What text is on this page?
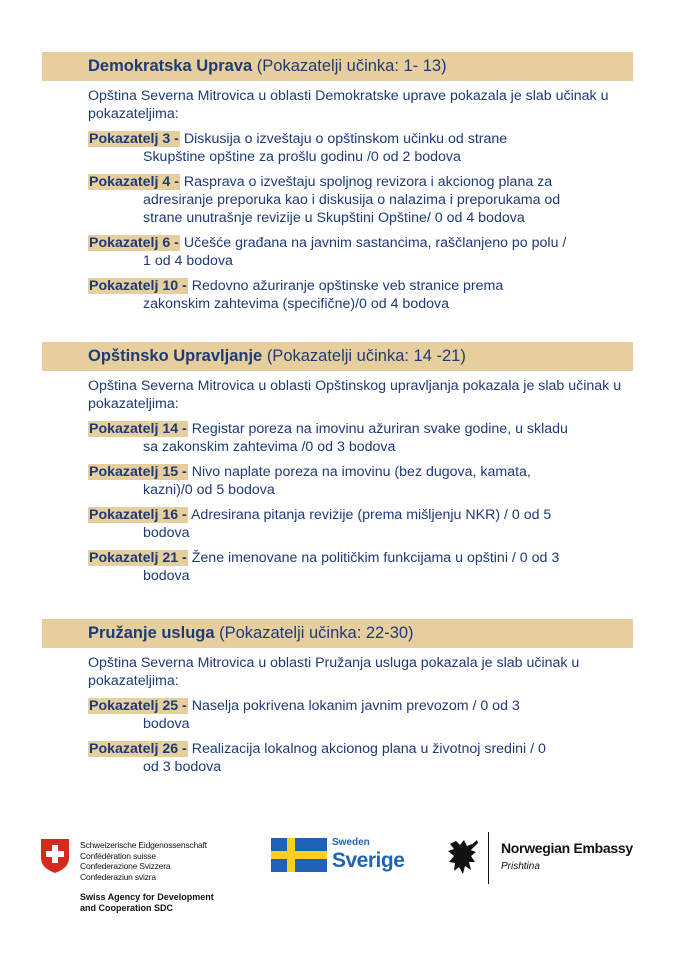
Demokratska Uprava (Pokazatelji učinka: 1- 13)
Opština Severna Mitrovica u oblasti Demokratske uprave pokazala je slab učinak u pokazateljima:
Pokazatelj 3 - Diskusija o izveštaju o opštinskom učinku od strane
Skupštine opštine za prošlu godinu /0 od 2 bodova
Pokazatelj 4 - Rasprava o izveštaju spoljnog revizora i akcionog plana za
adresiranje preporuka kao i diskusija o nalazima i preporukama od
strane unutrašnje revizije u Skupštini Opštine/ 0 od 4 bodova
Pokazatelj 6 - Učešće građana na javnim sastancima, raščlanjeno po polu /
1 od 4 bodova
Pokazatelj 10 - Redovno ažuriranje opštinske veb stranice prema
zakonskim zahtevima (specifične)/0 od 4 bodova
Opštinsko Upravljanje (Pokazatelji učinka: 14 -21)
Opština Severna Mitrovica u oblasti Opštinskog upravljanja pokazala je slab učinak u pokazateljima:
Pokazatelj 14 - Registar poreza na imovinu ažuriran svake godine, u skladu
sa zakonskim zahtevima /0 od 3 bodova
Pokazatelj 15 - Nivo naplate poreza na imovinu (bez dugova, kamata,
kazni)/0 od 5 bodova
Pokazatelj 16 - Adresirana pitanja revizije (prema mišljenju NKR) / 0 od 5
bodova
Pokazatelj 21 - Žene imenovane na političkim funkcijama u opštini / 0 od 3
bodova
Pružanje usluga (Pokazatelji učinka: 22-30)
Opština Severna Mitrovica u oblasti Pružanja usluga pokazala je slab učinak u pokazateljima:
Pokazatelj 25 - Naselja pokrivena lokanim javnim prevozom / 0 od 3
bodova
Pokazatelj 26 - Realizacija lokalnog akcionog plana u životnoj sredini / 0
od 3 bodova
Schweizerische Eidgenossenschaft
Confédération suisse
Confederazione Svizzera
Confederaziun svizra
Swiss Agency for Development
and Cooperation SDC
Sweden
Sverige
Norwegian Embassy
Prishtina
